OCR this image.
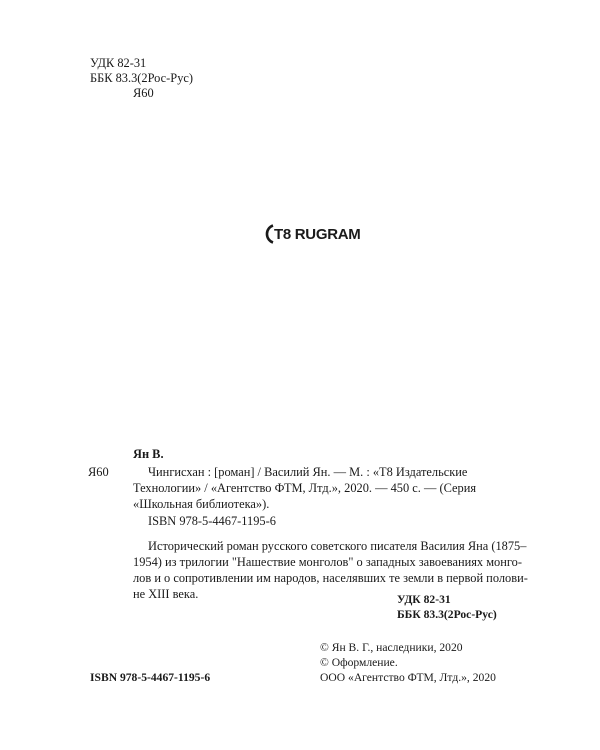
УДК 82-31
ББК 83.3(2Рос-Рус)
Я60
T8 RUGRAM
Ян В.
Я60	Чингисхан : [роман] / Василий Ян. — М. : «Т8 Издательские
Технологии» / «Агентство ФТМ, Лтд.», 2020. — 450 с. — (Серия
«Школьная библиотека»).
ISBN 978-5-4467-1195-6
Исторический роман русского советского писателя Василия Яна (1875–
1954) из трилогии "Нашествие монголов" о западных завоеваниях монго-
лов и о сопротивлении им народов, населявших те земли в первой полови-
не XIII века.	УДК 82-31
ББК 83.3(2Рос-Рус)
© Ян В. Г., наследники, 2020
© Оформление.
ООО «Агентство ФТМ, Лтд.», 2020
ISBN 978-5-4467-1195-6
